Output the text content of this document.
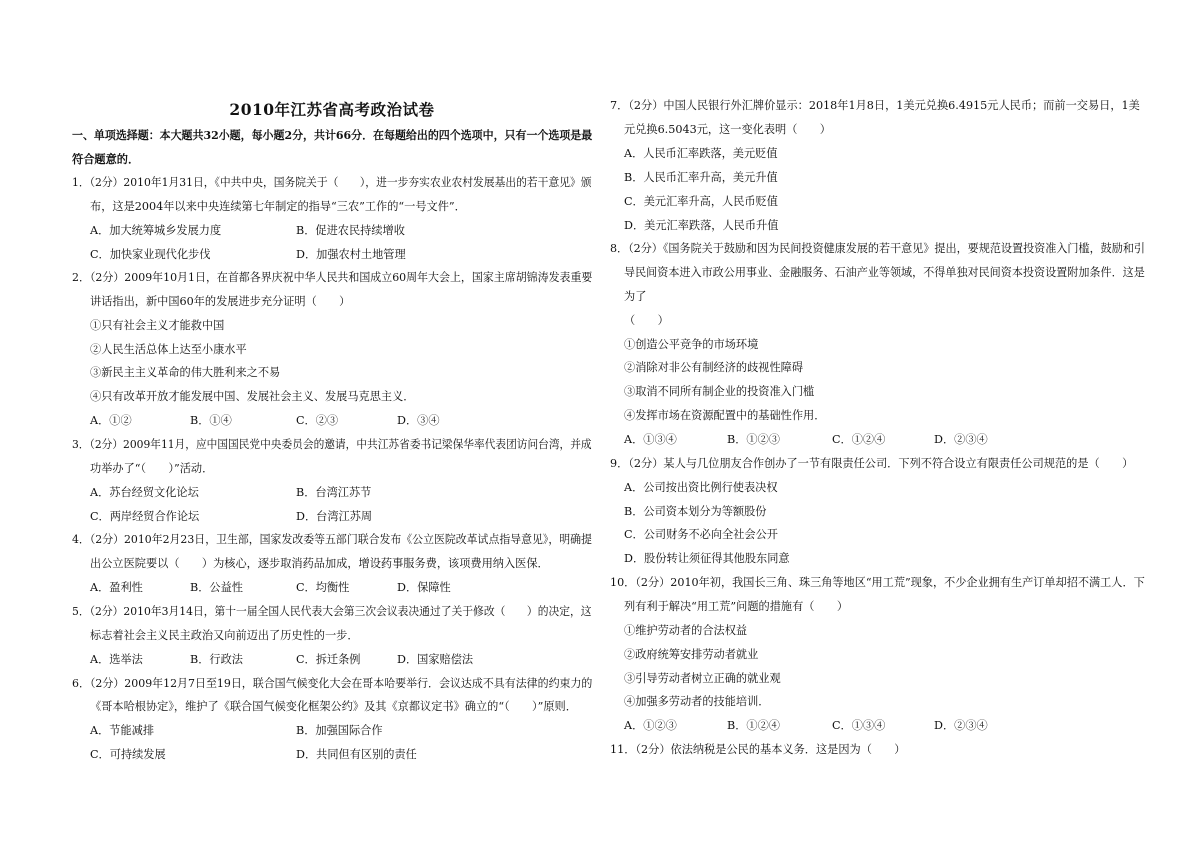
2010年江苏省高考政治试卷
一、单项选择题：本大题共32小题，每小题2分，共计66分．在每题给出的四个选项中，只有一个选项是最
符合题意的．
1．（2分）2010年1月31日，《中共中央，国务院关于（　　），进一步夯实农业农村发展基出的若干意见》颁
布，这是2004年以来中央连续第七年制定的指导“三农”工作的“一号文件”．
A．加大统筹城乡发展力度	B．促进农民持续增收
C．加快家业现代化步伐	D．加强农村土地管理
2．（2分）2009年10月1日，在首都各界庆祝中华人民共和国成立60周年大会上，国家主席胡锦涛发表重要
讲话指出，新中国60年的发展进步充分证明（　　）
①只有社会主义才能救中国
②人民生活总体上达至小康水平
③新民主主义革命的伟大胜利来之不易
④只有改革开放才能发展中国、发展社会主义、发展马克思主义．
A．①②	B．①④	C．②③	D．③④
3．（2分）2009年11月，应中国国民党中央委员会的邀请，中共江苏省委书记梁保华率代表团访问台湾，并成
功举办了“（　　）”活动．
A．苏台经贸文化论坛	B．台湾江苏节
C．两岸经贸合作论坛	D．台湾江苏周
4．（2分）2010年2月23日，卫生部，国家发改委等五部门联合发布《公立医院改革试点指导意见》，明确提
出公立医院要以（　　）为核心，逐步取消药品加成，增设药事服务费，该项费用纳入医保．
A．盈利性	B．公益性	C．均衡性	D．保障性
5．（2分）2010年3月14日，第十一届全国人民代表大会第三次会议表决通过了关于修改（　　）的决定，这
标志着社会主义民主政治又向前迈出了历史性的一步．
A．选举法	B．行政法	C．拆迁条例	D．国家赔偿法
6．（2分）2009年12月7日至19日，联合国气候变化大会在哥本哈要举行．会议达成不具有法律的约束力的
《哥本哈根协定》，维护了《联合国气候变化框架公约》及其《京都议定书》确立的“（　　）”原则．
A．节能减排	B．加强国际合作
C．可持续发展	D．共同但有区别的责任
7．（2分）中国人民银行外汇牌价显示：2018年1月8日，1美元兑换6.4915元人民币；而前一交易日，1美
元兑换6.5043元，这一变化表明（　　）
A．人民币汇率跌落，美元贬值
B．人民币汇率升高，美元升值
C．美元汇率升高，人民币贬值
D．美元汇率跌落，人民币升值
8．（2分）《国务院关于鼓励和因为民间投资健康发展的若干意见》提出，要规范设置投资准入门槛，鼓励和引
导民间资本进入市政公用事业、金融服务、石油产业等领域，不得单独对民间资本投资设置附加条件．这是
为了
（　　）
①创造公平竞争的市场环境
②消除对非公有制经济的歧视性障碍
③取消不同所有制企业的投资准入门槛
④发挥市场在资源配置中的基础性作用．
A．①③④	B．①②③	C．①②④	D．②③④
9．（2分）某人与几位朋友合作创办了一节有限责任公司．下列不符合设立有限责任公司规范的是（　　）
A．公司按出资比例行使表决权
B．公司资本划分为等额股份
C．公司财务不必向全社会公开
D．股份转让须征得其他股东同意
10．（2分）2010年初，我国长三角、珠三角等地区“用工荒”现象，不少企业拥有生产订单却招不满工人．下
列有利于解决“用工荒”问题的措施有（　　）
①维护劳动者的合法权益
②政府统筹安排劳动者就业
③引导劳动者树立正确的就业观
④加强多劳动者的技能培训．
A．①②③	B．①②④	C．①③④	D．②③④
11．（2分）依法纳税是公民的基本义务．这是因为（　　）
